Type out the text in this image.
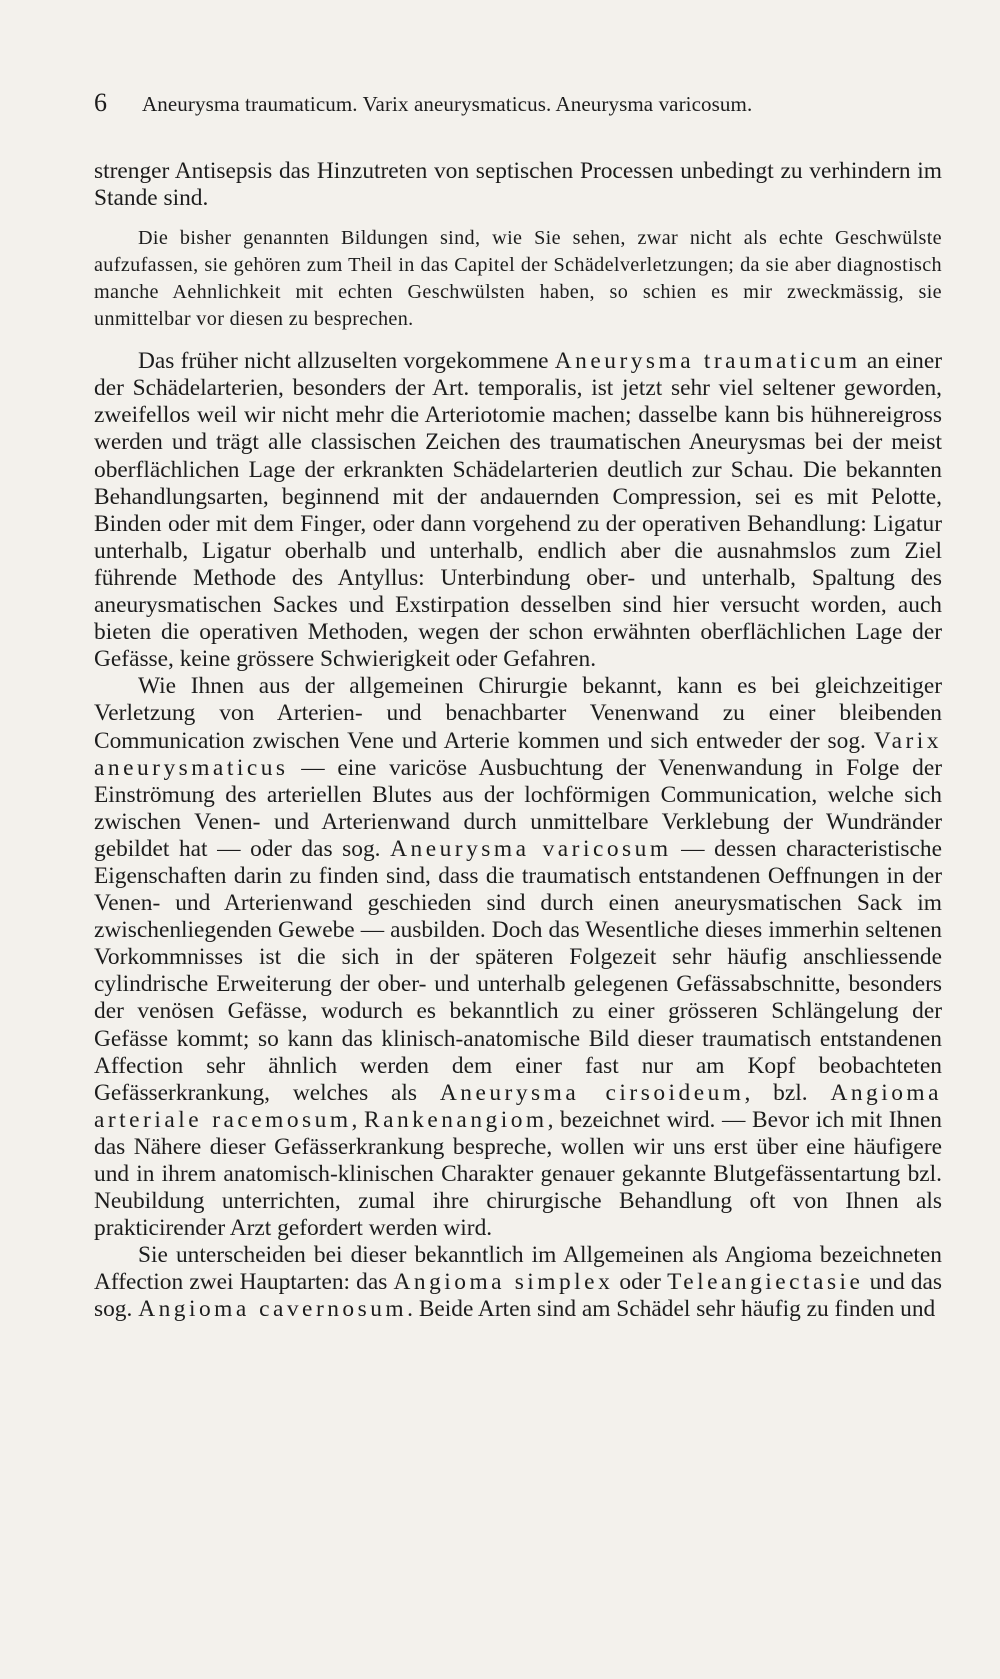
6	Aneurysma traumaticum. Varix aneurysmaticus. Aneurysma varicosum.

strenger Antisepsis das Hinzutreten von septischen Processen unbedingt zu verhindern im Stande sind.

Die bisher genannten Bildungen sind, wie Sie sehen, zwar nicht als echte Geschwülste aufzufassen, sie gehören zum Theil in das Capitel der Schädelverletzungen; da sie aber diagnostisch manche Aehnlichkeit mit echten Geschwülsten haben, so schien es mir zweckmässig, sie unmittelbar vor diesen zu besprechen.

Das früher nicht allzuselten vorgekommene Aneurysma traumaticum an einer der Schädelarterien, besonders der Art. temporalis, ist jetzt sehr viel seltener geworden, zweifellos weil wir nicht mehr die Arteriotomie machen; dasselbe kann bis hühnereigross werden und trägt alle classischen Zeichen des traumatischen Aneurysmas bei der meist oberflächlichen Lage der erkrankten Schädelarterien deutlich zur Schau. Die bekannten Behandlungsarten, beginnend mit der andauernden Compression, sei es mit Pelotte, Binden oder mit dem Finger, oder dann vorgehend zu der operativen Behandlung: Ligatur unterhalb, Ligatur oberhalb und unterhalb, endlich aber die ausnahmslos zum Ziel führende Methode des Antyllus: Unterbindung ober- und unterhalb, Spaltung des aneurysmatischen Sackes und Exstirpation desselben sind hier versucht worden, auch bieten die operativen Methoden, wegen der schon erwähnten oberflächlichen Lage der Gefässe, keine grössere Schwierigkeit oder Gefahren.

Wie Ihnen aus der allgemeinen Chirurgie bekannt, kann es bei gleichzeitiger Verletzung von Arterien- und benachbarter Venenwand zu einer bleibenden Communication zwischen Vene und Arterie kommen und sich entweder der sog. Varix aneurysmaticus — eine varicöse Ausbuchtung der Venenwandung in Folge der Einströmung des arteriellen Blutes aus der lochförmigen Communication, welche sich zwischen Venen- und Arterienwand durch unmittelbare Verklebung der Wundränder gebildet hat — oder das sog. Aneurysma varicosum — dessen characteristische Eigenschaften darin zu finden sind, dass die traumatisch entstandenen Oeffnungen in der Venen- und Arterienwand geschieden sind durch einen aneurysmatischen Sack im zwischenliegenden Gewebe — ausbilden. Doch das Wesentliche dieses immerhin seltenen Vorkommnisses ist die sich in der späteren Folgezeit sehr häufig anschliessende cylindrische Erweiterung der ober- und unterhalb gelegenen Gefässabschnitte, besonders der venösen Gefässe, wodurch es bekanntlich zu einer grösseren Schlängelung der Gefässe kommt; so kann das klinisch-anatomische Bild dieser traumatisch entstandenen Affection sehr ähnlich werden dem einer fast nur am Kopf beobachteten Gefässerkrankung, welches als Aneurysma cirsoideum, bzl. Angioma arteriale racemosum, Rankenangiom, bezeichnet wird. — Bevor ich mit Ihnen das Nähere dieser Gefässerkrankung bespreche, wollen wir uns erst über eine häufigere und in ihrem anatomisch-klinischen Charakter genauer gekannte Blutgefässentartung bzl. Neubildung unterrichten, zumal ihre chirurgische Behandlung oft von Ihnen als prakticirender Arzt gefordert werden wird.

Sie unterscheiden bei dieser bekanntlich im Allgemeinen als Angioma bezeichneten Affection zwei Hauptarten: das Angioma simplex oder Teleangiectasie und das sog. Angioma cavernosum. Beide Arten sind am Schädel sehr häufig zu finden und
